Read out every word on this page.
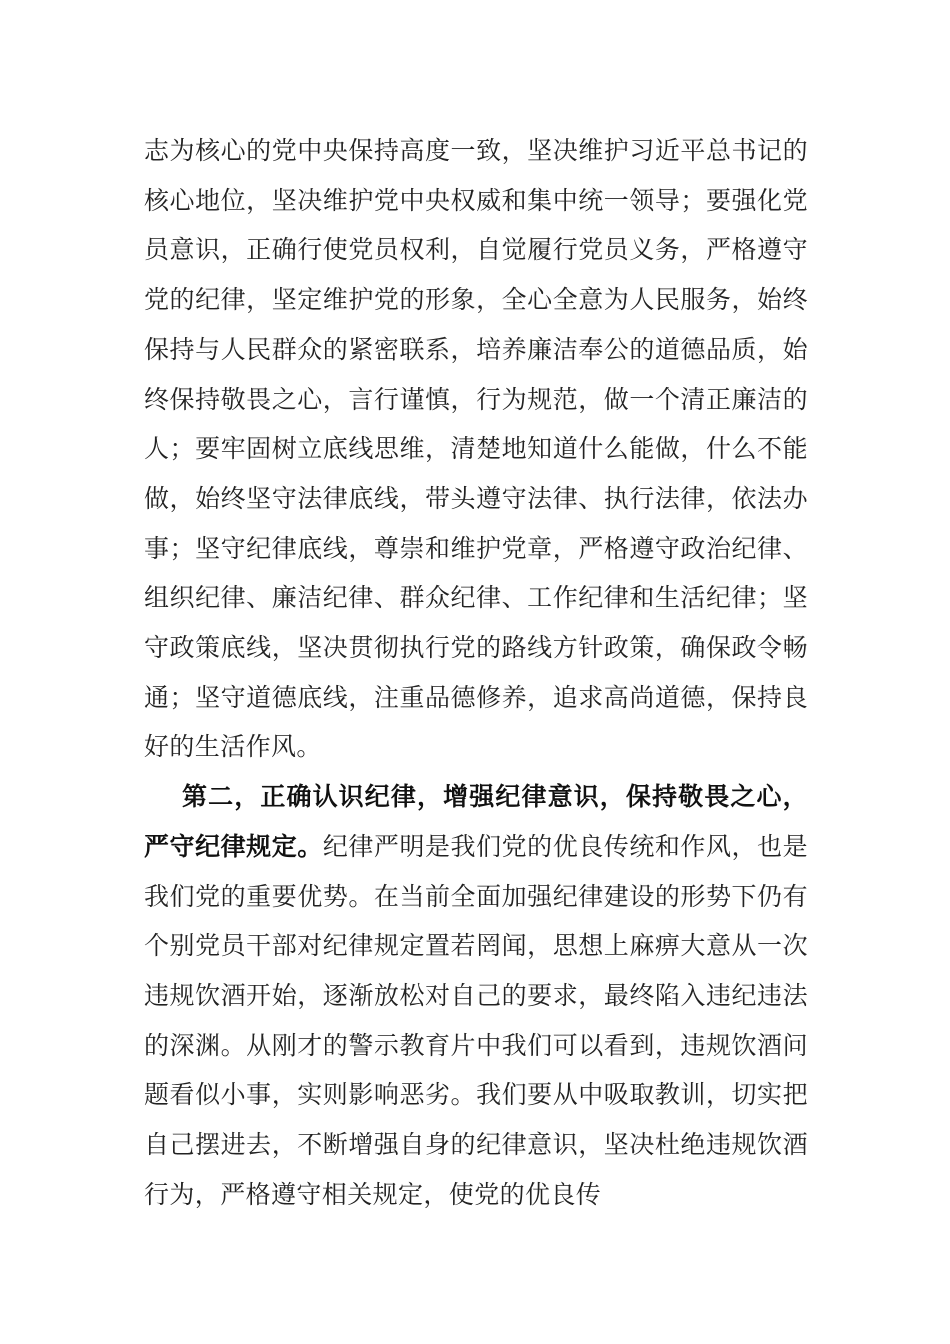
志为核心的党中央保持高度一致，坚决维护习近平总书记的核心地位，坚决维护党中央权威和集中统一领导；要强化党员意识，正确行使党员权利，自觉履行党员义务，严格遵守党的纪律，坚定维护党的形象，全心全意为人民服务，始终保持与人民群众的紧密联系，培养廉洁奉公的道德品质，始终保持敬畏之心，言行谨慎，行为规范，做一个清正廉洁的人；要牢固树立底线思维，清楚地知道什么能做，什么不能做，始终坚守法律底线，带头遵守法律、执行法律，依法办事；坚守纪律底线，尊崇和维护党章，严格遵守政治纪律、组织纪律、廉洁纪律、群众纪律、工作纪律和生活纪律；坚守政策底线，坚决贯彻执行党的路线方针政策，确保政令畅通；坚守道德底线，注重品德修养，追求高尚道德，保持良好的生活作风。

第二，正确认识纪律，增强纪律意识，保持敬畏之心，严守纪律规定。纪律严明是我们党的优良传统和作风，也是我们党的重要优势。在当前全面加强纪律建设的形势下仍有个别党员干部对纪律规定置若罔闻，思想上麻痹大意从一次违规饮酒开始，逐渐放松对自己的要求，最终陷入违纪违法的深渊。从刚才的警示教育片中我们可以看到，违规饮酒问题看似小事，实则影响恶劣。我们要从中吸取教训，切实把自己摆进去，不断增强自身的纪律意识，坚决杜绝违规饮酒行为，严格遵守相关规定，使党的优良传
